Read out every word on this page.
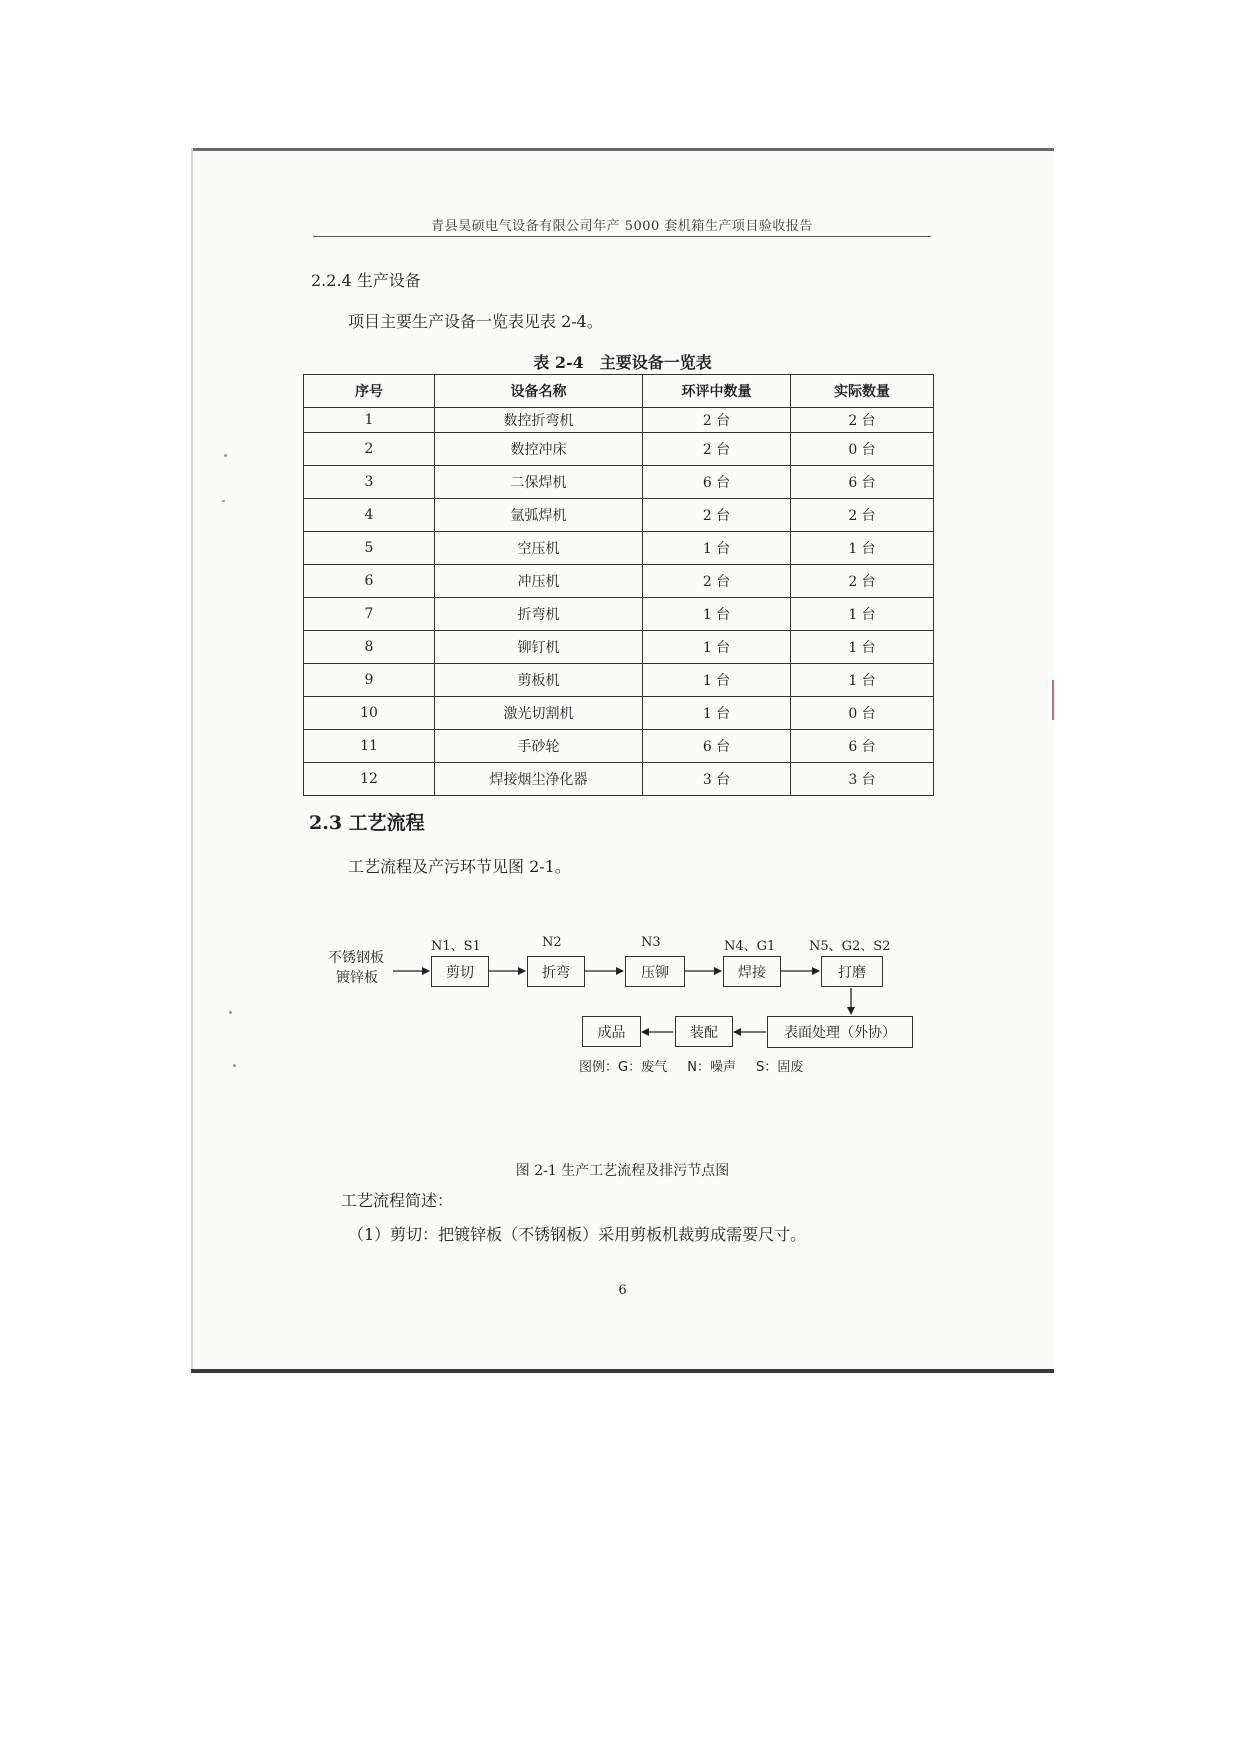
青县昊硕电气设备有限公司年产 5000 套机箱生产项目验收报告
2.2.4 生产设备
项目主要生产设备一览表见表 2-4。
表 2-4　主要设备一览表
序号	设备名称	环评中数量	实际数量
1	数控折弯机	2 台	2 台
2	数控冲床	2 台	0 台
3	二保焊机	6 台	6 台
4	氩弧焊机	2 台	2 台
5	空压机	1 台	1 台
6	冲压机	2 台	2 台
7	折弯机	1 台	1 台
8	铆钉机	1 台	1 台
9	剪板机	1 台	1 台
10	激光切割机	1 台	0 台
11	手砂轮	6 台	6 台
12	焊接烟尘净化器	3 台	3 台
2.3 工艺流程
工艺流程及产污环节见图 2-1。
不锈钢板
镀锌板
N1、S1	N2	N3	N4、G1	N5、G2、S2
剪切	折弯	压铆	焊接	打磨
表面处理（外协）
装配
成品
图例：G：废气 N：噪声 S：固废
图 2-1 生产工艺流程及排污节点图
工艺流程简述：
（1）剪切：把镀锌板（不锈钢板）采用剪板机裁剪成需要尺寸。
6
